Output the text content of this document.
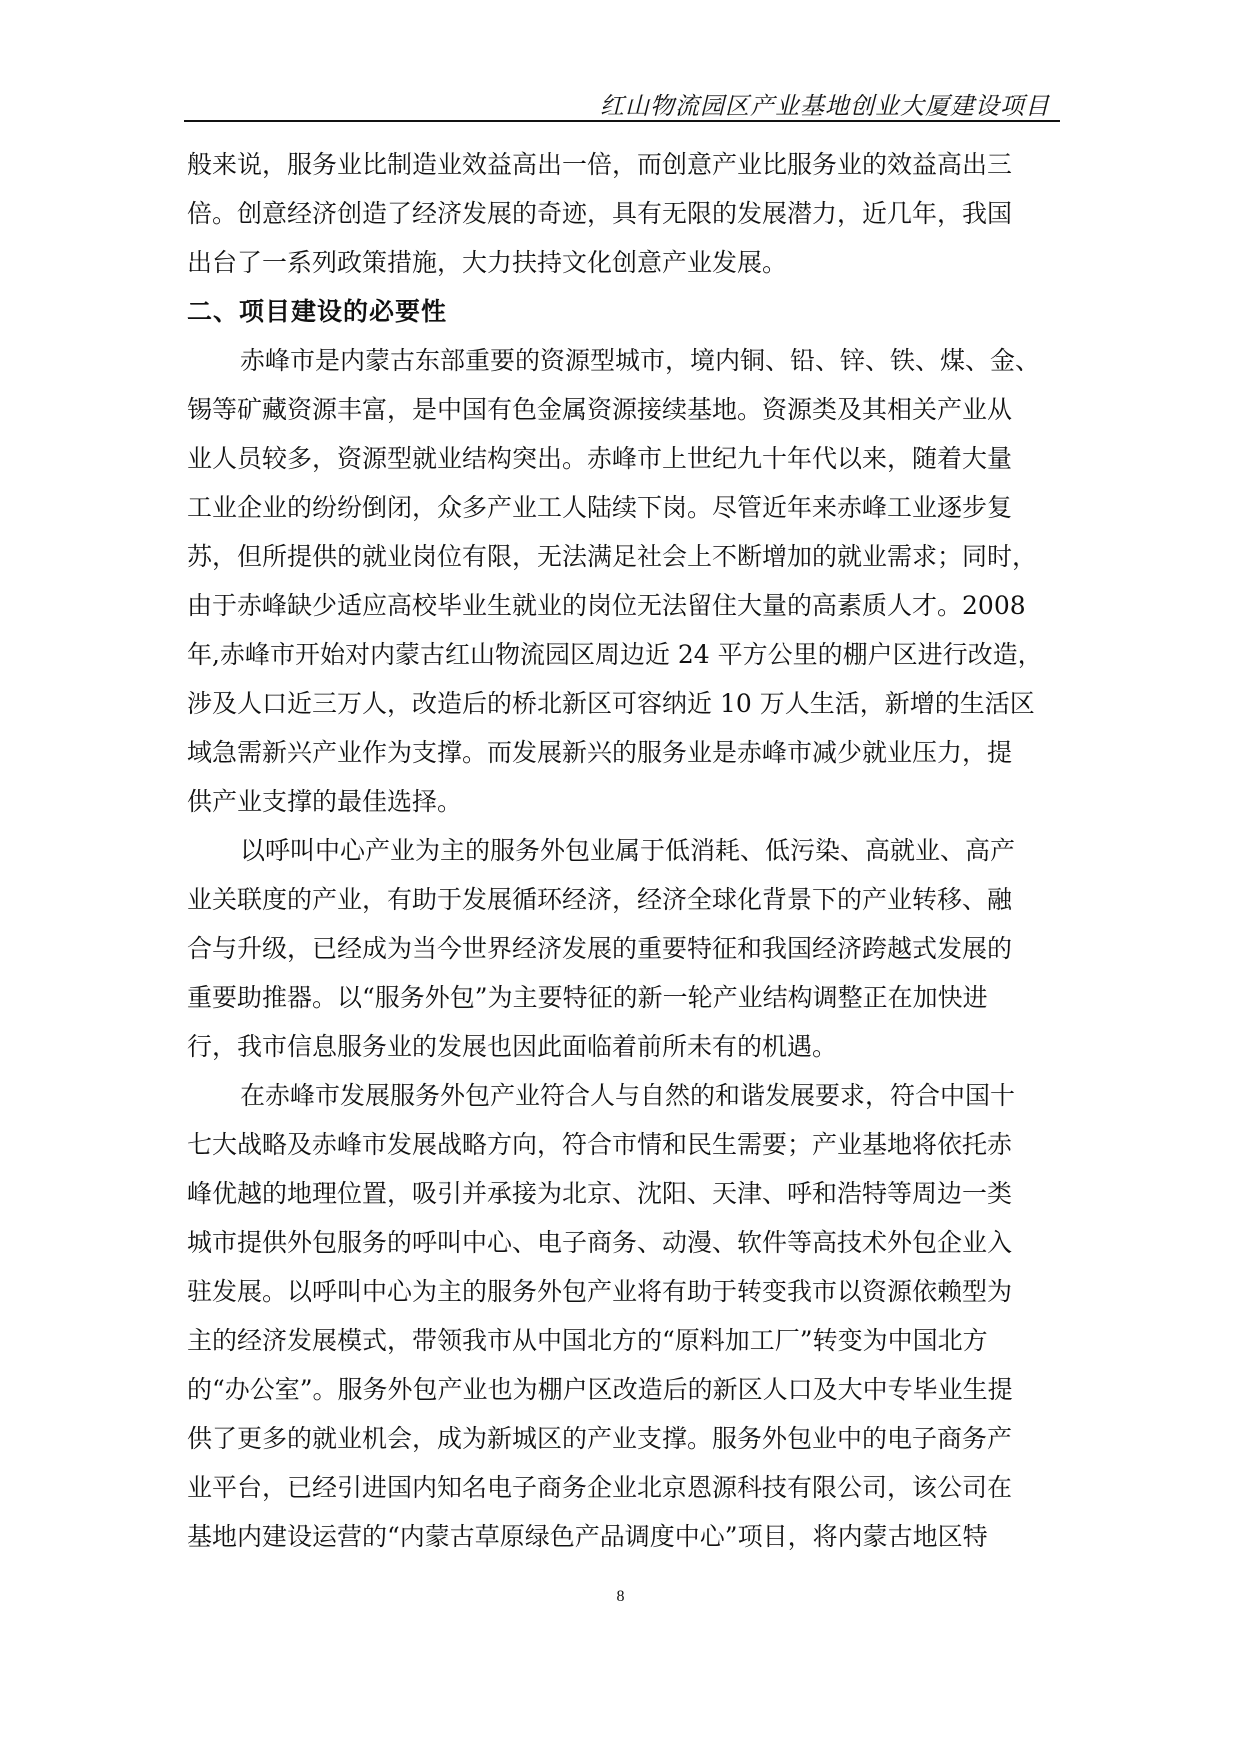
红山物流园区产业基地创业大厦建设项目
般来说，服务业比制造业效益高出一倍，而创意产业比服务业的效益高出三
倍。创意经济创造了经济发展的奇迹，具有无限的发展潜力，近几年，我国
出台了一系列政策措施，大力扶持文化创意产业发展。
二、项目建设的必要性
赤峰市是内蒙古东部重要的资源型城市，境内铜、铅、锌、铁、煤、金、
锡等矿藏资源丰富，是中国有色金属资源接续基地。资源类及其相关产业从
业人员较多，资源型就业结构突出。赤峰市上世纪九十年代以来，随着大量
工业企业的纷纷倒闭，众多产业工人陆续下岗。尽管近年来赤峰工业逐步复
苏，但所提供的就业岗位有限，无法满足社会上不断增加的就业需求；同时，
由于赤峰缺少适应高校毕业生就业的岗位无法留住大量的高素质人才。2008
年,赤峰市开始对内蒙古红山物流园区周边近 24 平方公里的棚户区进行改造，
涉及人口近三万人，改造后的桥北新区可容纳近 10 万人生活，新增的生活区
域急需新兴产业作为支撑。而发展新兴的服务业是赤峰市减少就业压力，提
供产业支撑的最佳选择。
以呼叫中心产业为主的服务外包业属于低消耗、低污染、高就业、高产
业关联度的产业，有助于发展循环经济，经济全球化背景下的产业转移、融
合与升级，已经成为当今世界经济发展的重要特征和我国经济跨越式发展的
重要助推器。以“服务外包”为主要特征的新一轮产业结构调整正在加快进
行，我市信息服务业的发展也因此面临着前所未有的机遇。
在赤峰市发展服务外包产业符合人与自然的和谐发展要求，符合中国十
七大战略及赤峰市发展战略方向，符合市情和民生需要；产业基地将依托赤
峰优越的地理位置，吸引并承接为北京、沈阳、天津、呼和浩特等周边一类
城市提供外包服务的呼叫中心、电子商务、动漫、软件等高技术外包企业入
驻发展。以呼叫中心为主的服务外包产业将有助于转变我市以资源依赖型为
主的经济发展模式，带领我市从中国北方的“原料加工厂”转变为中国北方
的“办公室”。服务外包产业也为棚户区改造后的新区人口及大中专毕业生提
供了更多的就业机会，成为新城区的产业支撑。服务外包业中的电子商务产
业平台，已经引进国内知名电子商务企业北京恩源科技有限公司，该公司在
基地内建设运营的“内蒙古草原绿色产品调度中心”项目，将内蒙古地区特
8
